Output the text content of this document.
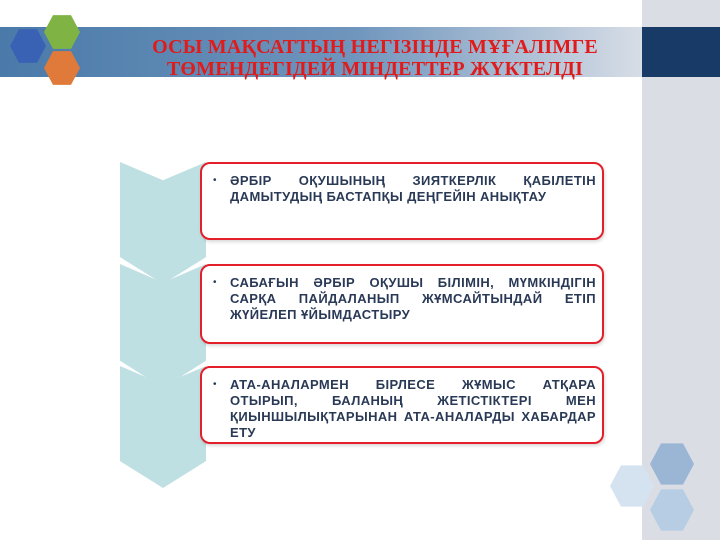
ОСЫ МАҚСАТТЫҢ НЕГІЗІНДЕ МҰҒАЛІМГЕ
ТӨМЕНДЕГІДЕЙ МІНДЕТТЕР ЖҮКТЕЛДІ
• ӘРБІР ОҚУШЫНЫҢ ЗИЯТКЕРЛІК ҚАБІЛЕТІН ДАМЫТУДЫҢ БАСТАПҚЫ ДЕҢГЕЙІН АНЫҚТАУ
• САБАҒЫН ӘРБІР ОҚУШЫ БІЛІМІН, МҮМКІНДІГІН САРҚА ПАЙДАЛАНЫП ЖҰМСАЙТЫНДАЙ ЕТІП ЖҮЙЕЛЕП ҰЙЫМДАСТЫРУ
• АТА-АНАЛАРМЕН БІРЛЕСЕ ЖҰМЫС АТҚАРА ОТЫРЫП, БАЛАНЫҢ ЖЕТІСТІКТЕРІ МЕН ҚИЫНШЫЛЫҚТАРЫНАН АТА-АНАЛАРДЫ ХАБАРДАР ЕТУ
